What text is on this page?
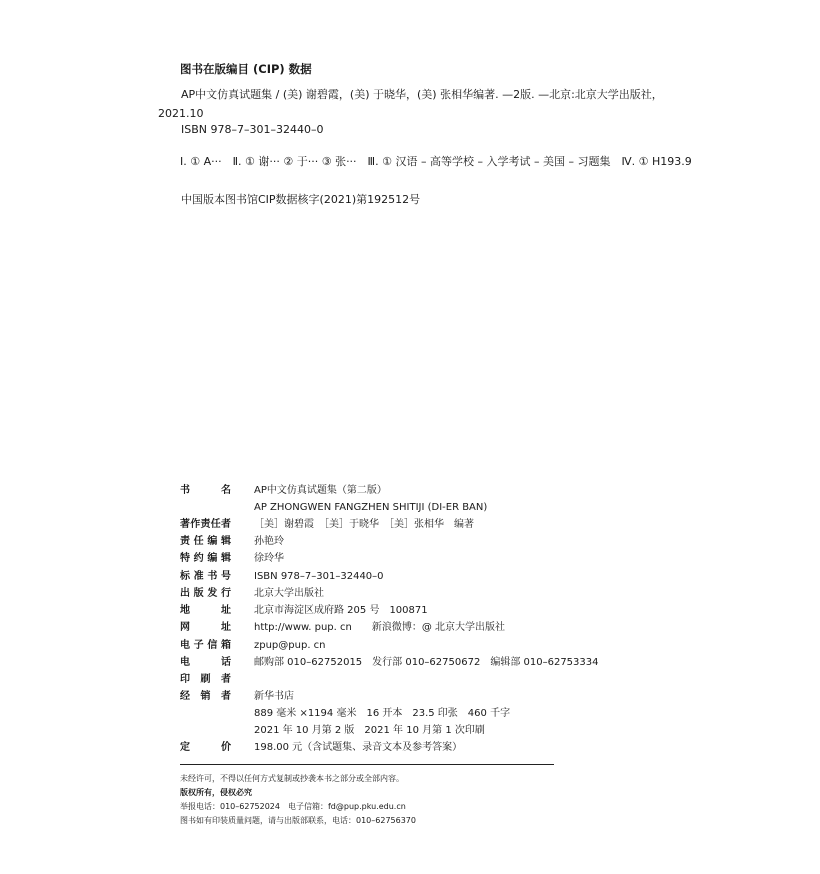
图书在版编目 (CIP) 数据
AP中文仿真试题集 / (美) 谢碧霞，(美) 于晓华，(美) 张相华编著. —2版. —北京:北京大学出版社，
2021.10
ISBN 978–7–301–32440–0
Ⅰ. ① A···　Ⅱ. ① 谢··· ② 于··· ③ 张···　Ⅲ. ① 汉语 – 高等学校 – 入学考试 – 美国 – 习题集　Ⅳ. ① H193.9
中国版本图书馆CIP数据核字(2021)第192512号
书名 AP中文仿真试题集（第二版）
AP ZHONGWEN FANGZHEN SHITIJI (DI-ER BAN)
著作责任者 ［美］谢碧霞　［美］于晓华　［美］张相华　编著
责任编辑 孙艳玲
特约编辑 徐玲华
标准书号 ISBN 978–7–301–32440–0
出版发行 北京大学出版社
地址 北京市海淀区成府路 205 号　100871
网址 http://www. pup. cn　　新浪微博：@ 北京大学出版社
电子信箱 zpup@pup. cn
电话 邮购部 010–62752015　发行部 010–62750672　编辑部 010–62753334
印刷者
经销者 新华书店
889 毫米 ×1194 毫米　16 开本　23.5 印张　460 千字
2021 年 10 月第 2 版　2021 年 10 月第 1 次印刷
定价 198.00 元（含试题集、录音文本及参考答案）
未经许可，不得以任何方式复制或抄袭本书之部分或全部内容。
版权所有，侵权必究
举报电话：010–62752024　电子信箱：fd@pup.pku.edu.cn
图书如有印装质量问题，请与出版部联系，电话：010–62756370
